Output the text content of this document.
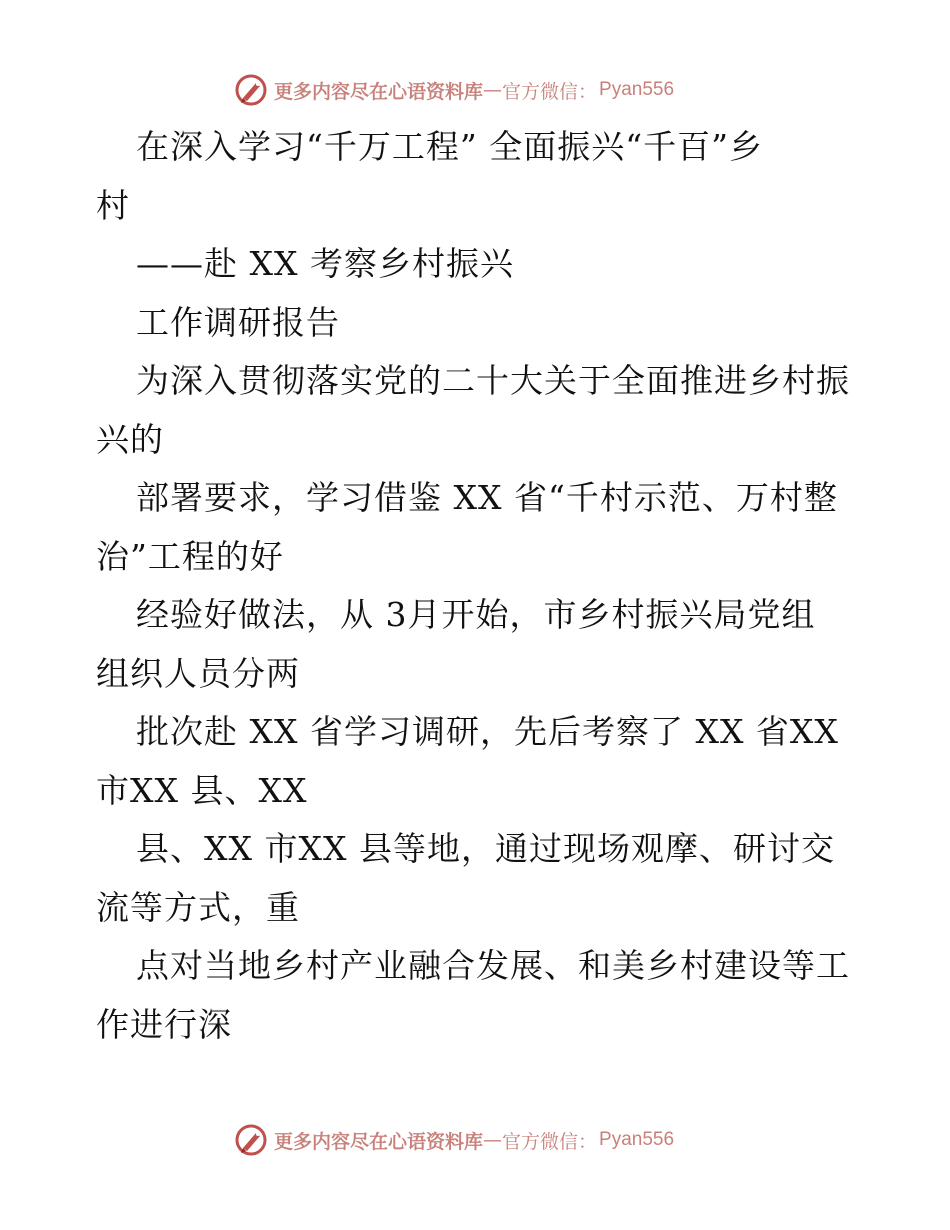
更多内容尽在心语资料库 — 官方微信： Pyan556
在深入学习“千万工程” 全面振兴“千百”乡
村
——赴 XX 考察乡村振兴
工作调研报告
为深入贯彻落实党的二十大关于全面推进乡村振
兴的
部署要求，学习借鉴 XX 省“千村示范、万村整
治”工程的好
经验好做法，从 3月开始，市乡村振兴局党组
组织人员分两
批次赴 XX 省学习调研，先后考察了 XX 省XX
市XX 县、XX
县、XX 市XX 县等地，通过现场观摩、研讨交
流等方式，重
点对当地乡村产业融合发展、和美乡村建设等工
作进行深
更多内容尽在心语资料库 — 官方微信： Pyan556
